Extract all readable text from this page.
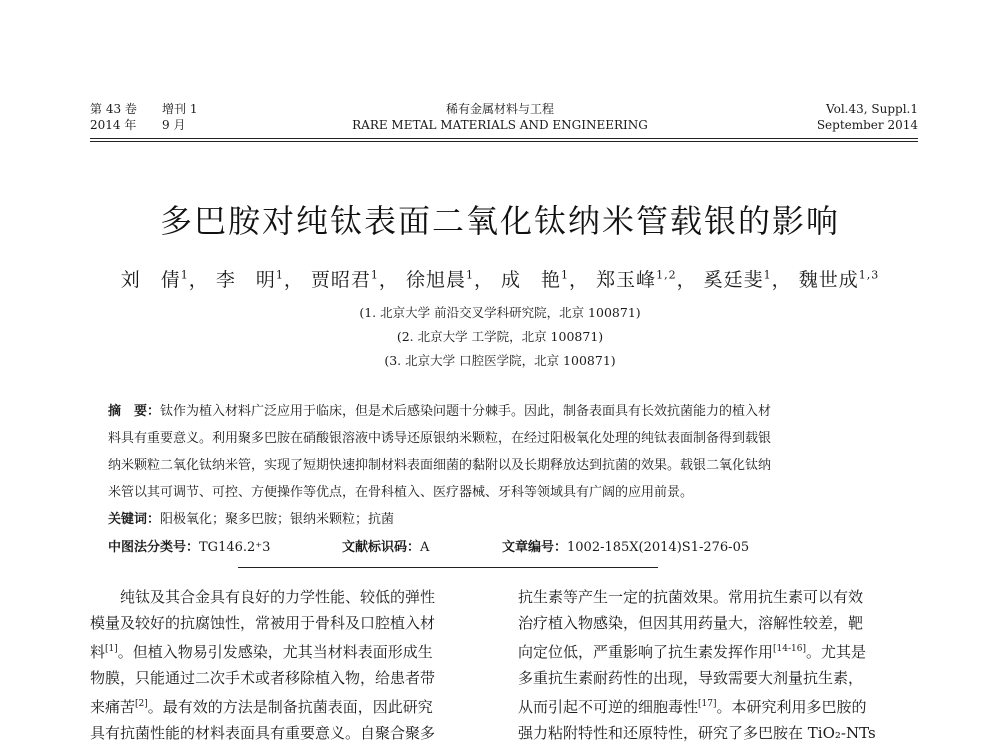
第 43 卷 增刊 1
2014 年 9 月
稀有金属材料与工程
RARE METAL MATERIALS AND ENGINEERING
Vol.43, Suppl.1
September 2014
多巴胺对纯钛表面二氧化钛纳米管载银的影响
刘　倩$^1$， 李　明$^1$， 贾昭君$^1$， 徐旭晨$^1$， 成　艳$^1$， 郑玉峰$^{1,2}$， 奚廷斐$^1$， 魏世成$^{1,3}$
(1. 北京大学 前沿交叉学科研究院，北京 100871)
(2. 北京大学 工学院，北京 100871)
(3. 北京大学 口腔医学院，北京 100871)

摘　要：钛作为植入材料广泛应用于临床，但是术后感染问题十分棘手。因此，制备表面具有长效抗菌能力的植入材

料具有重要意义。利用聚多巴胺在硝酸银溶液中诱导还原银纳米颗粒，在经过阳极氧化处理的纯钛表面制备得到载银

纳米颗粒二氧化钛纳米管，实现了短期快速抑制材料表面细菌的黏附以及长期释放达到抗菌的效果。载银二氧化钛纳

米管以其可调节、可控、方便操作等优点，在骨科植入、医疗器械、牙科等领域具有广阔的应用前景。

关键词：阳极氧化；聚多巴胺；银纳米颗粒；抗菌
中图法分类号：TG146.2⁺3	文献标识码：A	文章编号：1002-185X(2014)S1-276-05

　　纯钛及其合金具有良好的力学性能、较低的弹性

模量及较好的抗腐蚀性，常被用于骨科及口腔植入材

料[1]。但植入物易引发感染，尤其当材料表面形成生

物膜，只能通过二次手术或者移除植入物，给患者带

来痛苦[2]。最有效的方法是制备抗菌表面，因此研究

具有抗菌性能的材料表面具有重要意义。自聚合聚多

抗生素等产生一定的抗菌效果。常用抗生素可以有效

治疗植入物感染，但因其用药量大，溶解性较差，靶

向定位低，严重影响了抗生素发挥作用[14-16]。尤其是

多重抗生素耐药性的出现，导致需要大剂量抗生素，

从而引起不可逆的细胞毒性[17]。本研究利用多巴胺的

强力粘附特性和还原特性，研究了多巴胺在 TiO₂-NTs
